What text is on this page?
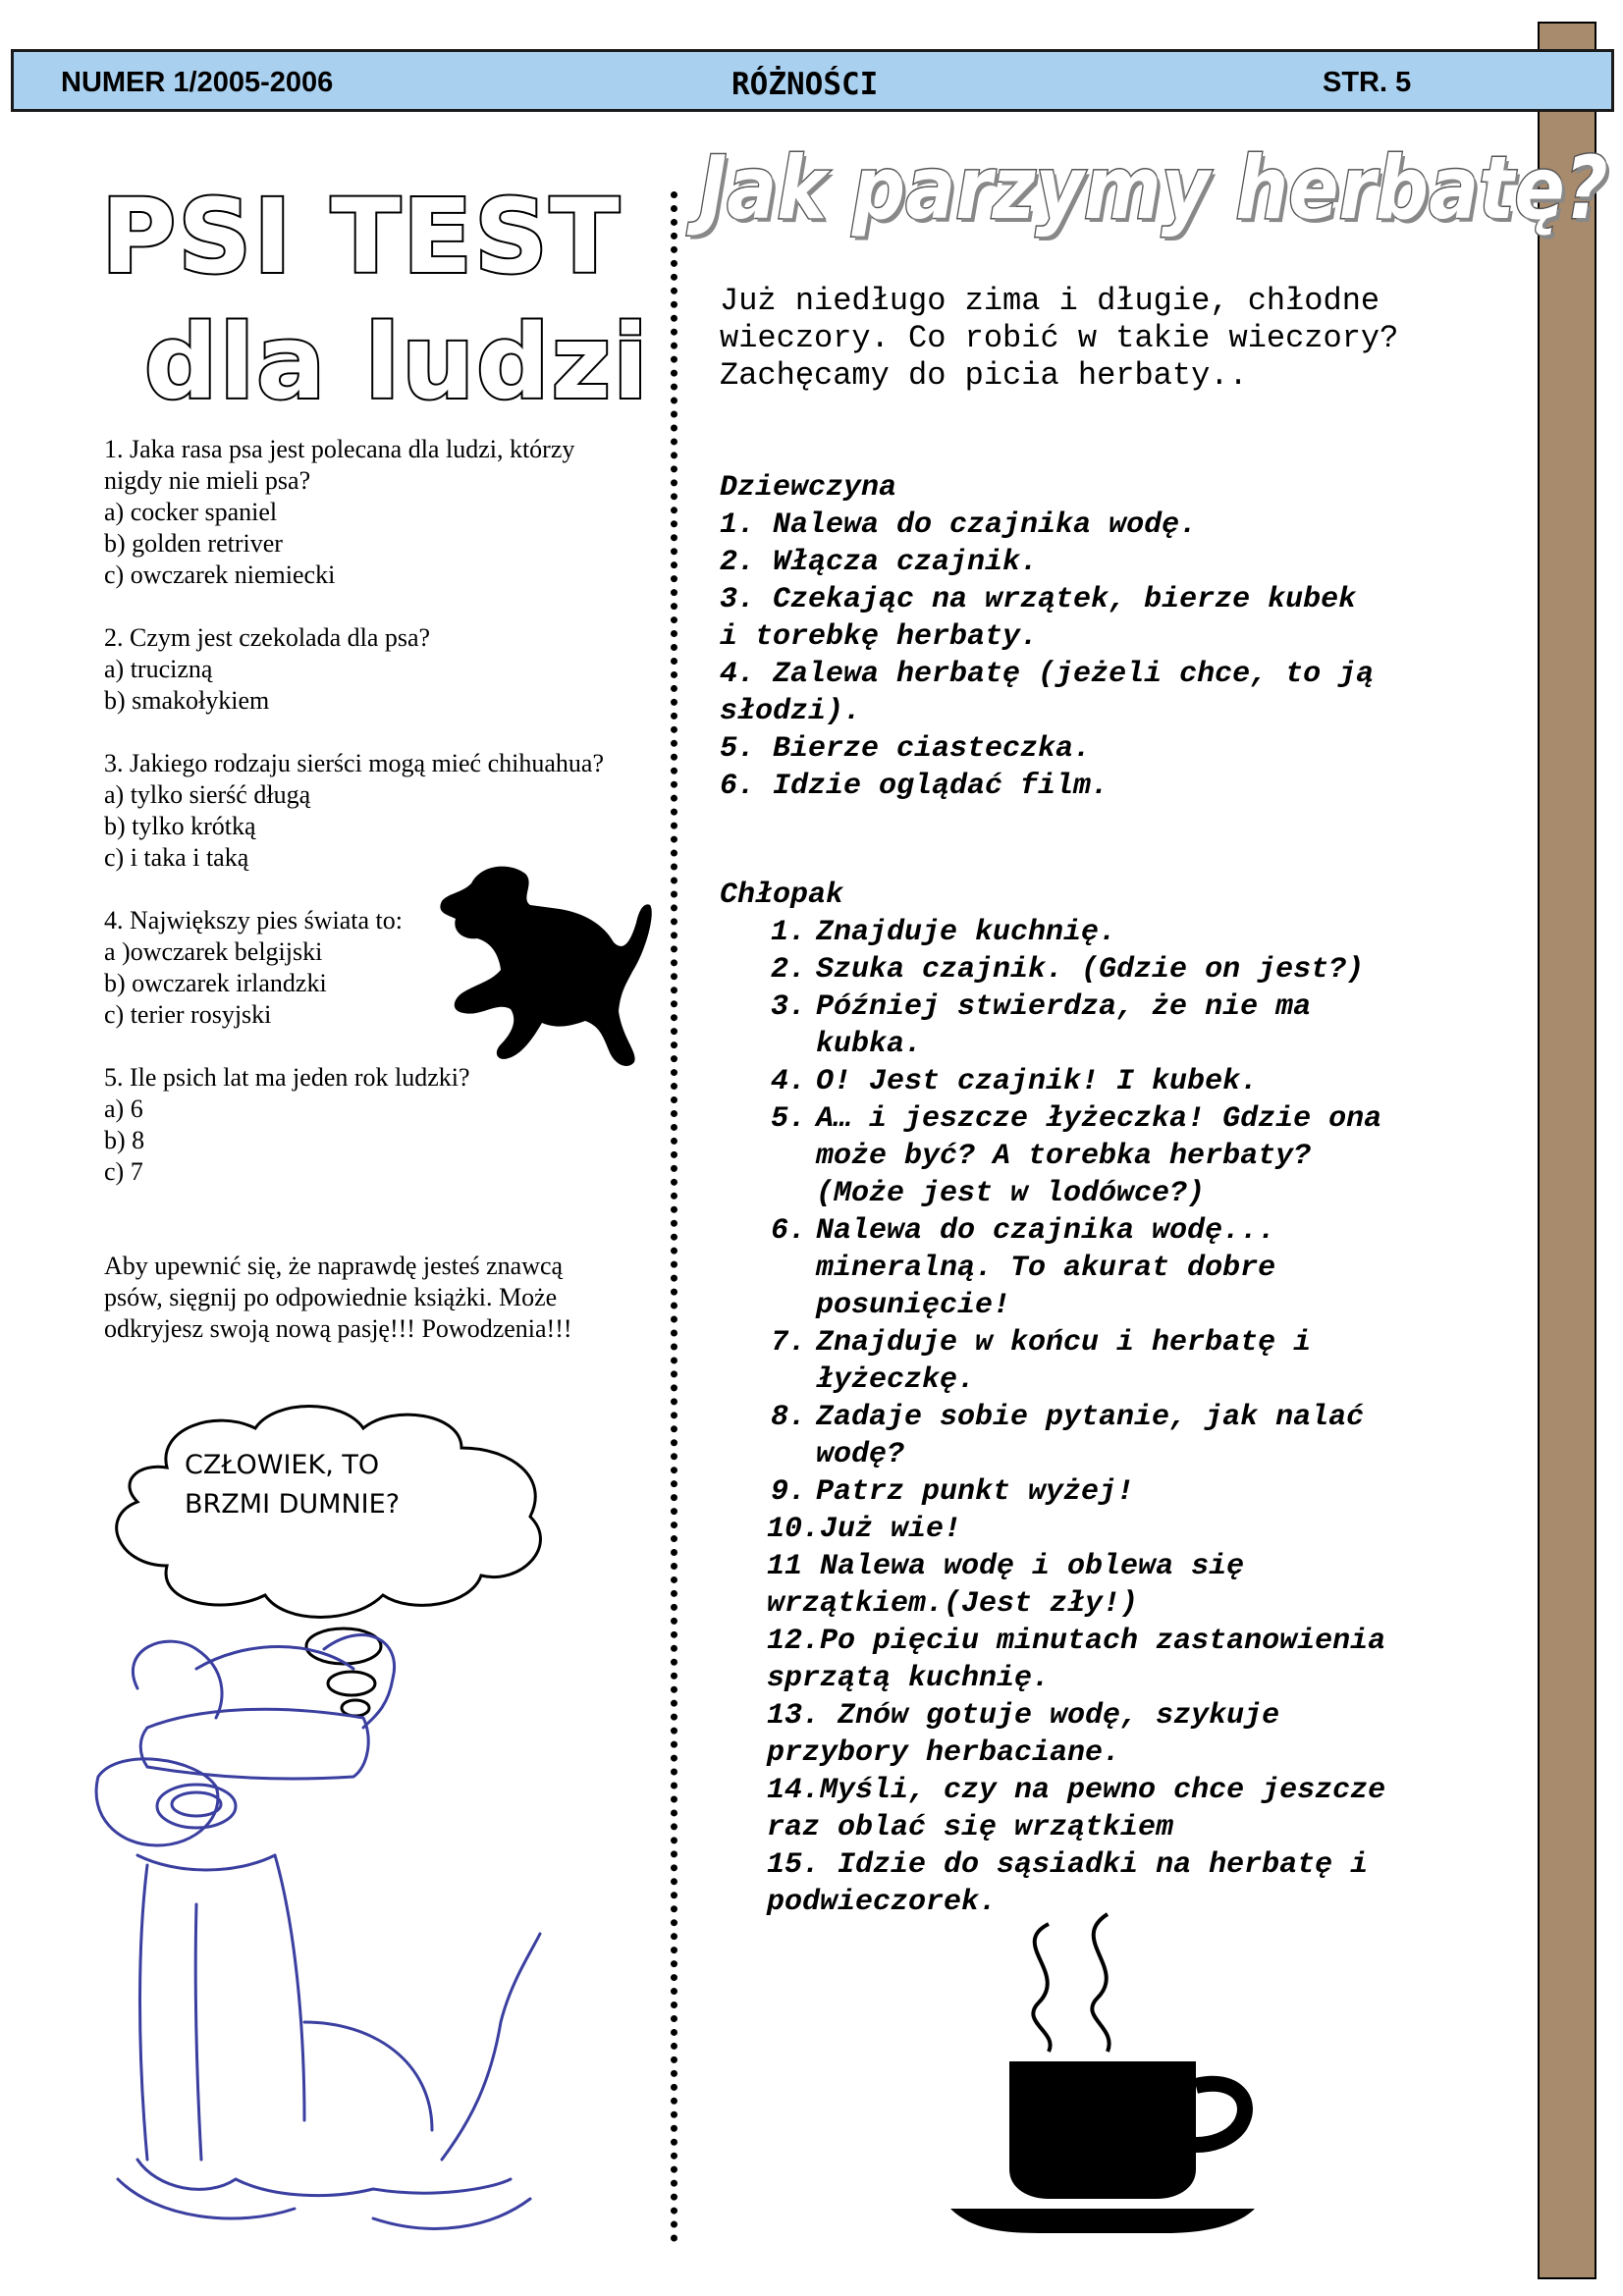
NUMER 1/2005-2006	RÓŻNOŚCI	STR. 5
PSI TEST
dla ludzi

1. Jaka rasa psa jest polecana dla ludzi, którzy

nigdy nie mieli psa?

a) cocker spaniel

b) golden retriver

c) owczarek niemiecki

2. Czym jest czekolada dla psa?

a) trucizną

b) smakołykiem

3. Jakiego rodzaju sierści mogą mieć chihuahua?

a) tylko sierść długą

b) tylko krótką

c) i taka i taką

4. Największy pies świata to:

a )owczarek belgijski

b) owczarek irlandzki

c) terier rosyjski

5. Ile psich lat ma jeden rok ludzki?

a) 6

b) 8

c) 7

Aby upewnić się, że naprawdę jesteś znawcą

psów, sięgnij po odpowiednie książki. Może

odkryjesz swoją nową pasję!!! Powodzenia!!!

CZŁOWIEK, TO
BRZMI DUMNIE?
Jak parzymy herbatę?
Już niedługo zima i długie, chłodne
wieczory. Co robić w takie wieczory?
Zachęcamy do picia herbaty..

Dziewczyna

1. Nalewa do czajnika wodę.

2. Włącza czajnik.

3. Czekając na wrzątek, bierze kubek

i torebkę herbaty.

4. Zalewa herbatę (jeżeli chce, to ją

słodzi).

5. Bierze ciasteczka.

6. Idzie oglądać film.

Chłopak

1. Znajduje kuchnię.

2. Szuka czajnik. (Gdzie on jest?)

3. Później stwierdza, że nie ma

kubka.

4. O! Jest czajnik! I kubek.

5. A… i jeszcze łyżeczka! Gdzie ona

może być? A torebka herbaty?

(Może jest w lodówce?)

6. Nalewa do czajnika wodę...

mineralną. To akurat dobre

posunięcie!

7. Znajduje w końcu i herbatę i

łyżeczkę.

8. Zadaje sobie pytanie, jak nalać

wodę?

9. Patrz punkt wyżej!

10.Już wie!

11 Nalewa wodę i oblewa się

wrzątkiem.(Jest zły!)

12.Po pięciu minutach zastanowienia

sprzątą kuchnię.

13. Znów gotuje wodę, szykuje

przybory herbaciane.

14.Myśli, czy na pewno chce jeszcze

raz oblać się wrzątkiem

15. Idzie do sąsiadki na herbatę i

podwieczorek.
